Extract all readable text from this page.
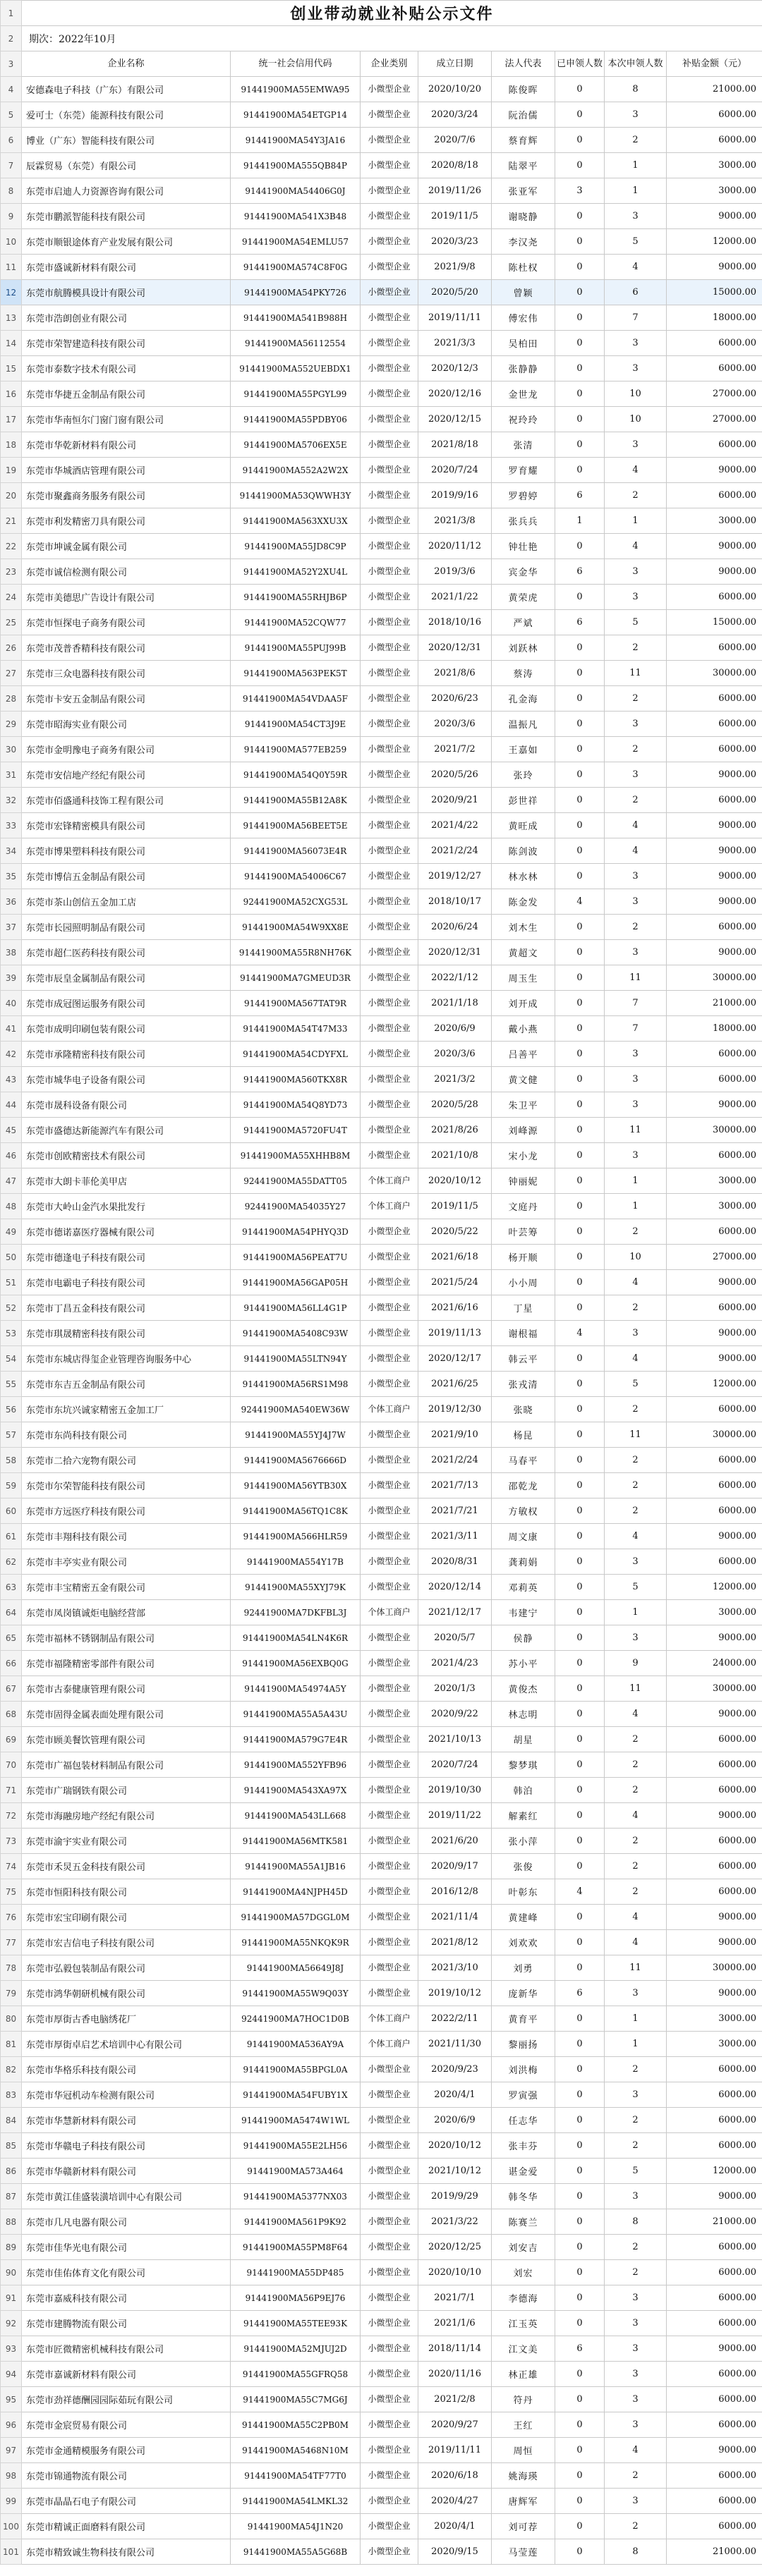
1	创业带动就业补贴公示文件							
2	期次：2022年10月							
3	企业名称	统一社会信用代码	企业类别	成立日期	法人代表	已申领人数	本次申领人数	补贴金额（元）
4	安德森电子科技（广东）有限公司	91441900MA55EMWA95	小微型企业	2020/10/20	陈俊晖	0	8	21000.00
5	爱可士（东莞）能源科技有限公司	91441900MA54ETGP14	小微型企业	2020/3/24	阮治儒	0	3	6000.00
6	博业（广东）智能科技有限公司	91441900MA54Y3JA16	小微型企业	2020/7/6	蔡育辉	0	2	6000.00
7	辰霖贸易（东莞）有限公司	91441900MA555QB84P	小微型企业	2020/8/18	陆翠平	0	1	3000.00
8	东莞市启迪人力资源咨询有限公司	91441900MA54406G0J	小微型企业	2019/11/26	张亚军	3	1	3000.00
9	东莞市鹏派智能科技有限公司	91441900MA541X3B48	小微型企业	2019/11/5	谢晓静	0	3	9000.00
10	东莞市顺银途体育产业发展有限公司	91441900MA54EMLU57	小微型企业	2020/3/23	李汉尧	0	5	12000.00
11	东莞市盛诚新材料有限公司	91441900MA574C8F0G	小微型企业	2021/9/8	陈杜权	0	4	9000.00
12	东莞市航腾模具设计有限公司	91441900MA54PKY726	小微型企业	2020/5/20	曾颖	0	6	15000.00
13	东莞市浩朗创业有限公司	91441900MA541B988H	小微型企业	2019/11/11	傅宏伟	0	7	18000.00
14	东莞市荣智建造科技有限公司	91441900MA56112554	小微型企业	2021/3/3	吴柏田	0	3	6000.00
15	东莞市泰数字技术有限公司	91441900MA552UEBDX1	小微型企业	2020/12/3	张静静	0	3	6000.00
16	东莞市华捷五金制品有限公司	91441900MA55PGYL99	小微型企业	2020/12/16	金世龙	0	10	27000.00
17	东莞市华南恒尔门窗门窗有限公司	91441900MA55PDBY06	小微型企业	2020/12/15	祝玲玲	0	10	27000.00
18	东莞市华乾新材料有限公司	91441900MA5706EX5E	小微型企业	2021/8/18	张清	0	3	6000.00
19	东莞市华城酒店管理有限公司	91441900MA552A2W2X	小微型企业	2020/7/24	罗育耀	0	4	9000.00
20	东莞市聚鑫商务服务有限公司	91441900MA53QWWH3Y	小微型企业	2019/9/16	罗碧婷	6	2	6000.00
21	东莞市利发精密刀具有限公司	91441900MA563XXU3X	小微型企业	2021/3/8	张兵兵	1	1	3000.00
22	东莞市坤诚金属有限公司	91441900MA55JD8C9P	小微型企业	2020/11/12	钟壮艳	0	4	9000.00
23	东莞市诚信检测有限公司	91441900MA52Y2XU4L	小微型企业	2019/3/6	宾金华	6	3	9000.00
24	东莞市美德思广告设计有限公司	91441900MA55RHJB6P	小微型企业	2021/1/22	黄荣虎	0	3	6000.00
25	东莞市恒探电子商务有限公司	91441900MA52CQW77	小微型企业	2018/10/16	严斌	6	5	15000.00
26	东莞市茂普香精科技有限公司	91441900MA55PUJ99B	小微型企业	2020/12/31	刘跃林	0	2	6000.00
27	东莞市三众电器科技有限公司	91441900MA563PEK5T	小微型企业	2021/8/6	蔡涛	0	11	30000.00
28	东莞市卡安五金制品有限公司	91441900MA54VDAA5F	小微型企业	2020/6/23	孔金海	0	2	6000.00
29	东莞市昭海实业有限公司	91441900MA54CT3J9E	小微型企业	2020/3/6	温振凡	0	3	6000.00
30	东莞市金明豫电子商务有限公司	91441900MA577EB259	小微型企业	2021/7/2	王嘉如	0	2	6000.00
31	东莞市安信地产经纪有限公司	91441900MA54Q0Y59R	小微型企业	2020/5/26	张玲	0	3	9000.00
32	东莞市佰盛通科技饰工程有限公司	91441900MA55B12A8K	小微型企业	2020/9/21	彭世祥	0	2	6000.00
33	东莞市宏锋精密模具有限公司	91441900MA56BEET5E	小微型企业	2021/4/22	黄旺成	0	4	9000.00
34	东莞市博果塑料科技有限公司	91441900MA56073E4R	小微型企业	2021/2/24	陈剑波	0	4	9000.00
35	东莞市博信五金制品有限公司	91441900MA54006C67	小微型企业	2019/12/27	林水林	0	3	9000.00
36	东莞市茶山创信五金加工店	92441900MA52CXG53L	小微型企业	2018/10/17	陈金发	4	3	9000.00
37	东莞市长园照明制品有限公司	91441900MA54W9XX8E	小微型企业	2020/6/24	刘木生	0	2	6000.00
38	东莞市超仁医药科技有限公司	91441900MA55R8NH76K	小微型企业	2020/12/31	黄超文	0	3	9000.00
39	东莞市辰皇金属制品有限公司	91441900MA7GMEUD3R	小微型企业	2022/1/12	周玉生	0	11	30000.00
40	东莞市成冠图运服务有限公司	91441900MA567TAT9R	小微型企业	2021/1/18	刘开成	0	7	21000.00
41	东莞市成明印刷包装有限公司	91441900MA54T47M33	小微型企业	2020/6/9	戴小燕	0	7	18000.00
42	东莞市承隆精密科技有限公司	91441900MA54CDYFXL	小微型企业	2020/3/6	吕善平	0	3	6000.00
43	东莞市城华电子设备有限公司	91441900MA560TKX8R	小微型企业	2021/3/2	黄文健	0	3	6000.00
44	东莞市晟科设备有限公司	91441900MA54Q8YD73	小微型企业	2020/5/28	朱卫平	0	3	9000.00
45	东莞市盛德达新能源汽车有限公司	91441900MA5720FU4T	小微型企业	2021/8/26	刘峰源	0	11	30000.00
46	东莞市创欧精密技术有限公司	91441900MA55XHHB8M	小微型企业	2021/10/8	宋小龙	0	3	6000.00
47	东莞市大朗卡菲伦美甲店	92441900MA55DATT05	个体工商户	2020/10/12	钟丽妮	0	1	3000.00
48	东莞市大岭山金汽水果批发行	92441900MA54035Y27	个体工商户	2019/11/5	文庭丹	0	1	3000.00
49	东莞市德诺嘉医疗器械有限公司	91441900MA54PHYQ3D	小微型企业	2020/5/22	叶芸筹	0	2	6000.00
50	东莞市德逢电子科技有限公司	91441900MA56PEAT7U	小微型企业	2021/6/18	杨开顺	0	10	27000.00
51	东莞市电霸电子科技有限公司	91441900MA56GAP05H	小微型企业	2021/5/24	小小周	0	4	9000.00
52	东莞市丁昌五金科技有限公司	91441900MA56LL4G1P	小微型企业	2021/6/16	丁星	0	2	6000.00
53	东莞市琪晟精密科技有限公司	91441900MA5408C93W	小微型企业	2019/11/13	谢根福	4	3	9000.00
54	东莞市东城店得玺企业管理咨询服务中心	91441900MA55LTN94Y	小微型企业	2020/12/17	韩云平	0	4	9000.00
55	东莞市东吉五金制品有限公司	91441900MA56RS1M98	小微型企业	2021/6/25	张戎清	0	5	12000.00
56	东莞市东坑兴诚家精密五金加工厂	92441900MA540EW36W	个体工商户	2019/12/30	张晓	0	2	6000.00
57	东莞市东尚科技有限公司	91441900MA55YJ4J7W	小微型企业	2021/9/10	杨昆	0	11	30000.00
58	东莞市二拾六宠物有限公司	91441900MA5676666D	小微型企业	2021/2/24	马春平	0	2	6000.00
59	东莞市尔荣智能科技有限公司	91441900MA56YTB30X	小微型企业	2021/7/13	邵乾龙	0	2	6000.00
60	东莞市方远医疗科技有限公司	91441900MA56TQ1C8K	小微型企业	2021/7/21	方敏权	0	2	6000.00
61	东莞市丰翔科技有限公司	91441900MA566HLR59	小微型企业	2021/3/11	周文康	0	4	9000.00
62	东莞市丰亭实业有限公司	91441900MA554Y17B	小微型企业	2020/8/31	龚莉娟	0	3	6000.00
63	东莞市丰宝精密五金有限公司	91441900MA55XYJ79K	小微型企业	2020/12/14	邓莉英	0	5	12000.00
64	东莞市凤岗镇诚炬电脑经营部	92441900MA7DKFBL3J	个体工商户	2021/12/17	韦建宁	0	1	3000.00
65	东莞市福林不锈钢制品有限公司	91441900MA54LN4K6R	小微型企业	2020/5/7	侯静	0	3	9000.00
66	东莞市福隆精密零部件有限公司	91441900MA56EXBQ0G	小微型企业	2021/4/23	苏小平	0	9	24000.00
67	东莞市古泰健康管理有限公司	91441900MA54974A5Y	小微型企业	2020/1/3	黄俊杰	0	11	30000.00
68	东莞市固得金属表面处理有限公司	91441900MA55A5A43U	小微型企业	2020/9/22	林志明	0	4	9000.00
69	东莞市顾美餐饮管理有限公司	91441900MA579G7E4R	小微型企业	2021/10/13	胡星	0	2	6000.00
70	东莞市广福包装材料制品有限公司	91441900MA552YFB96	小微型企业	2020/7/24	黎梦琪	0	2	6000.00
71	东莞市广瑞钢铁有限公司	91441900MA543XA97X	小微型企业	2019/10/30	韩泊	0	2	6000.00
72	东莞市海融房地产经纪有限公司	91441900MA543LL668	小微型企业	2019/11/22	解素红	0	4	9000.00
73	东莞市渝宇实业有限公司	91441900MA56MTK581	小微型企业	2021/6/20	张小萍	0	2	6000.00
74	东莞市禾炅五金科技有限公司	91441900MA55A1JB16	小微型企业	2020/9/17	张俊	0	2	6000.00
75	东莞市恒阳科技有限公司	91441900MA4NJPH45D	小微型企业	2016/12/8	叶彰东	4	2	6000.00
76	东莞市宏宝印刷有限公司	91441900MA57DGGL0M	小微型企业	2021/11/4	黄建峰	0	4	9000.00
77	东莞市宏吉信电子科技有限公司	91441900MA55NKQK9R	小微型企业	2021/8/12	刘欢欢	0	4	9000.00
78	东莞市弘毅包装制品有限公司	91441900MA56649J8J	小微型企业	2021/3/10	刘勇	0	11	30000.00
79	东莞市鸿华朝研机械有限公司	91441900MA55W9Q03Y	小微型企业	2019/10/12	庞新华	6	3	9000.00
80	东莞市厚街古香电脑绣花厂	92441900MA7HOC1D0B	个体工商户	2022/2/11	黄育平	0	1	3000.00
81	东莞市厚街卓启艺术培训中心有限公司	91441900MA536AY9A	个体工商户	2021/11/30	黎丽扬	0	1	3000.00
82	东莞市华格乐科技有限公司	91441900MA55BPGL0A	小微型企业	2020/9/23	刘洪梅	0	2	6000.00
83	东莞市华冠机动车检测有限公司	91441900MA54FUBY1X	小微型企业	2020/4/1	罗寅强	0	3	6000.00
84	东莞市华慧新材料有限公司	91441900MA5474W1WL	小微型企业	2020/6/9	任志华	0	2	6000.00
85	东莞市华赣电子科技有限公司	91441900MA55E2LH56	小微型企业	2020/10/12	张丰芬	0	2	6000.00
86	东莞市华赣新材料有限公司	91441900MA573A464	小微型企业	2021/10/12	谌金爱	0	5	12000.00
87	东莞市黄江佳盛装潢培训中心有限公司	91441900MA5377NX03	小微型企业	2019/9/29	韩冬华	0	3	9000.00
88	东莞市几凡电器有限公司	91441900MA561P9K92	小微型企业	2021/3/22	陈赛兰	0	8	21000.00
89	东莞市佳华光电有限公司	91441900MA55PM8F64	小微型企业	2020/12/25	刘安吉	0	2	6000.00
90	东莞市佳佑体育文化有限公司	91441900MA55DP485	小微型企业	2020/10/10	刘宏	0	2	6000.00
91	东莞市嘉威科技有限公司	91441900MA56P9EJ76	小微型企业	2021/7/1	李德海	0	3	6000.00
92	东莞市建腾物流有限公司	91441900MA55TEE93K	小微型企业	2021/1/6	江玉英	0	3	6000.00
93	东莞市匠微精密机械科技有限公司	91441900MA52MJUJ2D	小微型企业	2018/11/14	江文美	6	3	9000.00
94	东莞市嘉诚新材料有限公司	91441900MA55GFRQ58	小微型企业	2020/11/16	林正雄	0	3	6000.00
95	东莞市劲祥德酬园园际茹玩有限公司	91441900MA55C7MG6J	小微型企业	2021/2/8	符丹	0	3	6000.00
96	东莞市金宸贸易有限公司	91441900MA55C2PB0M	小微型企业	2020/9/27	王红	0	3	6000.00
97	东莞市金通精模服务有限公司	91441900MA5468N10M	小微型企业	2019/11/11	周恒	0	4	9000.00
98	东莞市锦通物流有限公司	91441900MA54TF77T0	小微型企业	2020/6/18	姚海瑛	0	2	6000.00
99	东莞市晶晶石电子有限公司	91441900MA54LMKL32	小微型企业	2020/4/27	唐辉军	0	3	6000.00
100	东莞市精诚正面磨料有限公司	91441900MA54J1N20	小微型企业	2020/4/1	刘可荐	0	2	6000.00
101	东莞市精致诚生物科技有限公司	91441900MA55A5G68B	小微型企业	2020/9/15	马莹莲	0	8	21000.00
